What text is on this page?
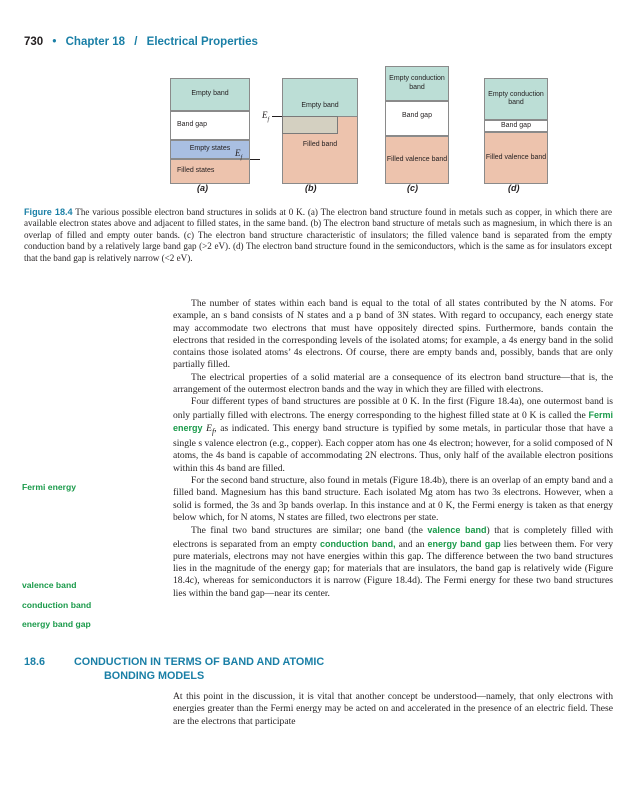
730 • Chapter 18 / Electrical Properties
Empty band
Band gap
Empty states
Filled states
$E_f$
(a)
Empty band
Filled band
$E_f$
(b)
Empty conduction band
Band gap
Filled valence band
(c)
Empty conduction band
Band gap
Filled valence band
(d)
Figure 18.4 The various possible electron band structures in solids at 0 K. (a) The electron band structure found in metals such as copper, in which there are available electron states above and adjacent to filled states, in the same band. (b) The electron band structure of metals such as magnesium, in which there is an overlap of filled and empty outer bands. (c) The electron band structure characteristic of insulators; the filled valence band is separated from the empty conduction band by a relatively large band gap (>2 eV). (d) The electron band structure found in the semiconductors, which is the same as for insulators except that the band gap is relatively narrow (<2 eV).
Fermi energy
valence band
conduction band
energy band gap

The number of states within each band is equal to the total of all states contributed by the N atoms. For example, an s band consists of N states and a p band of 3N states. With regard to occupancy, each energy state may accommodate two electrons that must have oppositely directed spins. Furthermore, bands contain the electrons that resided in the corresponding levels of the isolated atoms; for example, a 4s energy band in the solid contains those isolated atoms’ 4s electrons. Of course, there are empty bands and, possibly, bands that are only partially filled.

The electrical properties of a solid material are a consequence of its electron band structure—that is, the arrangement of the outermost electron bands and the way in which they are filled with electrons.

Four different types of band structures are possible at 0 K. In the first (Figure 18.4a), one outermost band is only partially filled with electrons. The energy corresponding to the highest filled state at 0 K is called the Fermi energy $E_f$, as indicated. This energy band structure is typified by some metals, in particular those that have a single s valence electron (e.g., copper). Each copper atom has one 4s electron; however, for a solid composed of N atoms, the 4s band is capable of accommodating 2N electrons. Thus, only half of the available electron positions within this 4s band are filled.

For the second band structure, also found in metals (Figure 18.4b), there is an overlap of an empty band and a filled band. Magnesium has this band structure. Each isolated Mg atom has two 3s electrons. However, when a solid is formed, the 3s and 3p bands overlap. In this instance and at 0 K, the Fermi energy is taken as that energy below which, for N atoms, N states are filled, two electrons per state.

The final two band structures are similar; one band (the valence band) that is completely filled with electrons is separated from an empty conduction band, and an energy band gap lies between them. For very pure materials, electrons may not have energies within this gap. The difference between the two band structures lies in the magnitude of the energy gap; for materials that are insulators, the band gap is relatively wide (Figure 18.4c), whereas for semiconductors it is narrow (Figure 18.4d). The Fermi energy for these two band structures lies within the band gap—near its center.

18.6	CONDUCTION IN TERMS OF BAND AND ATOMIC
BONDING MODELS

At this point in the discussion, it is vital that another concept be understood—namely, that only electrons with energies greater than the Fermi energy may be acted on and accelerated in the presence of an electric field. These are the electrons that participate
